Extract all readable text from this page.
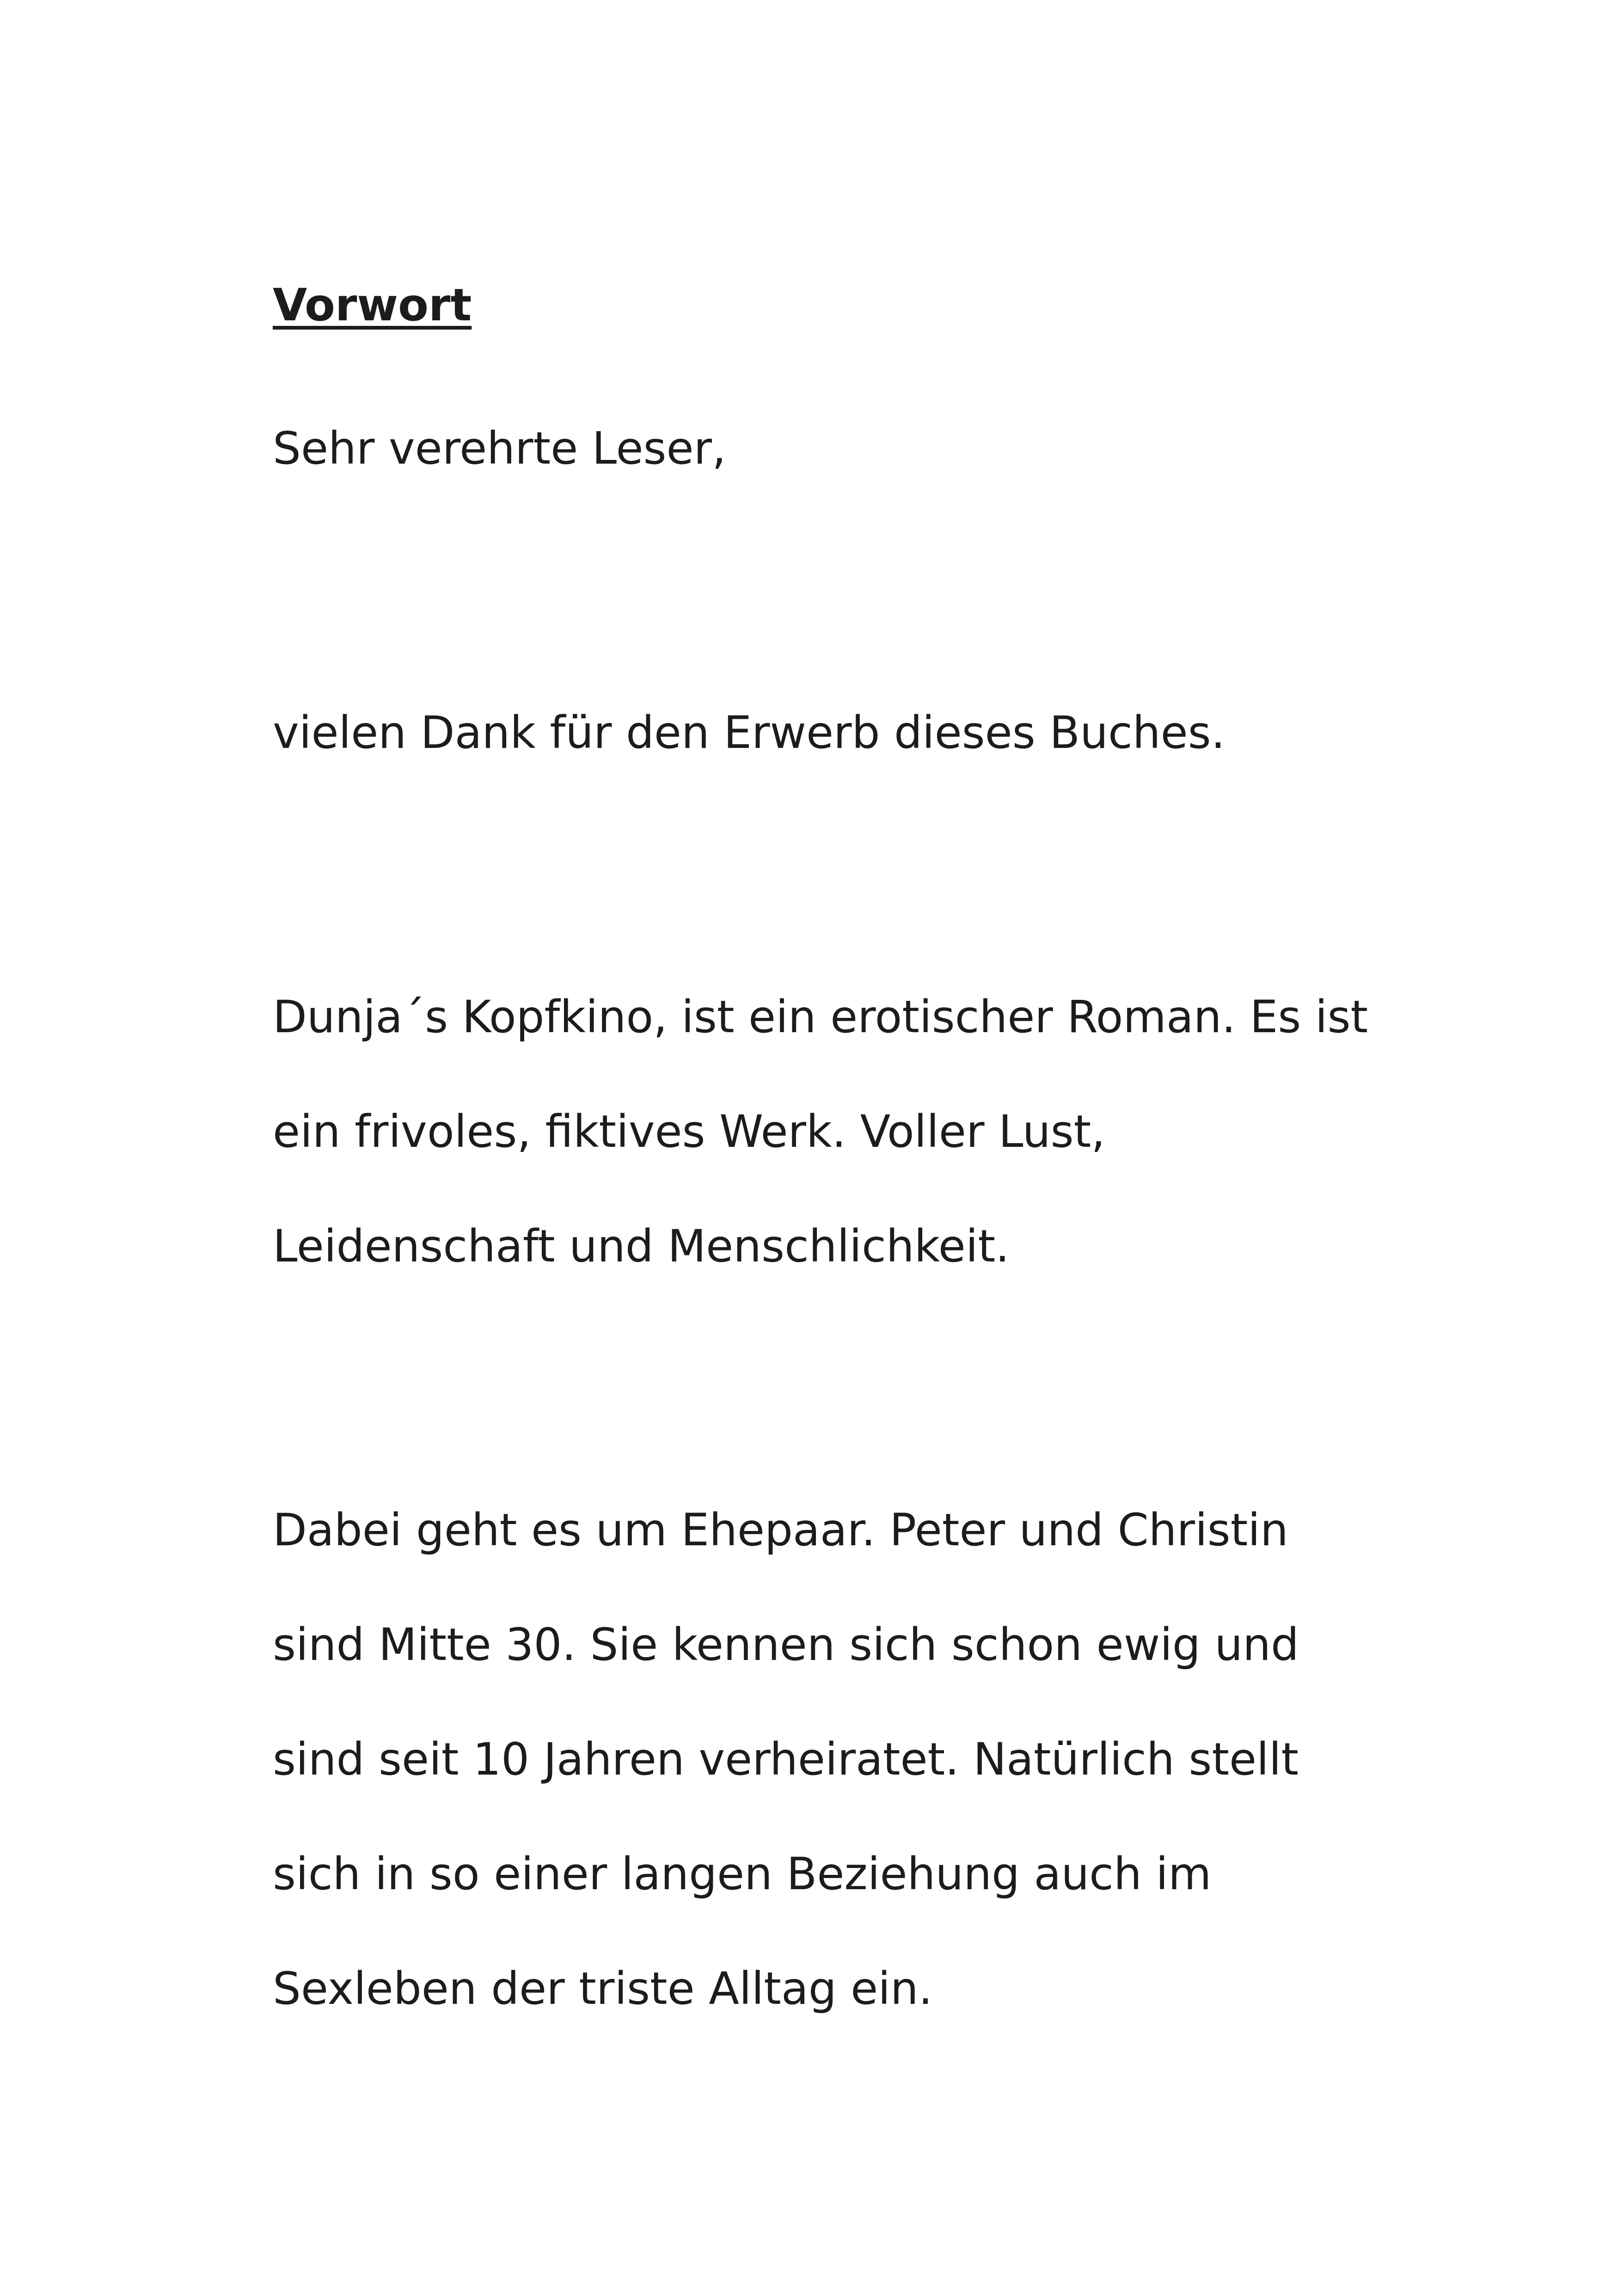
Vorwort

Sehr verehrte Leser,

vielen Dank für den Erwerb dieses Buches.

Dunja´s Kopfkino, ist ein erotischer Roman. Es ist

ein frivoles, fiktives Werk. Voller Lust,

Leidenschaft und Menschlichkeit.

Dabei geht es um Ehepaar. Peter und Christin

sind Mitte 30. Sie kennen sich schon ewig und

sind seit 10 Jahren verheiratet. Natürlich stellt

sich in so einer langen Beziehung auch im

Sexleben der triste Alltag ein.
